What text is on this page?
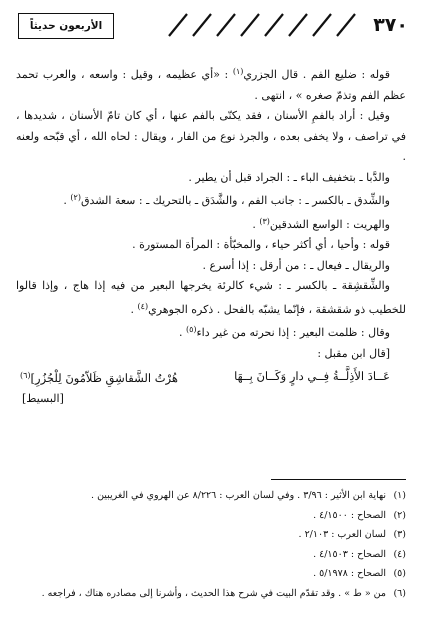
٣٧٠
الأربعون حديثاً

قوله : ضليع الفم . قال الجزري$^{(١)}$ : «أي عظيمه ، وقيل : واسعه ، والعرب تحمد عظم الفم وتذمّ صغره » ، انتهى .

وقيل : أراد بالفمِ الأسنان ، فقد يكنّى بالفم عنها ، أي كان تامّ الأسنان ، شديدها ، في تراصف ، ولا يخفى بعده ، والجرذ نوع من الفار ، ويقال : لحاه الله ، أي قبّحه ولعنه .

والدَّبا ـ بتخفيف الباء ـ : الجراد قبل أن يطير .

والشِّدق ـ بالكسر ـ : جانب الفم ، والشَّدَق ـ بالتحريك ـ : سعة الشدق$^{(٢)}$ .

والهريت : الواسع الشدقين$^{(٣)}$ .

قوله : وأحيا ، أي أكثر حياء ، والمخبّأة : المرأة المستورة .

والريقال ـ فيعال ـ : من أرقل : إذا أسرع .

والشِّقشِقة ـ بالكسر ـ : شيء كالرئة يخرجها البعير من فيه إذا هاج ، وإذا قالوا للخطيب ذو شقشقة ، فإنّما يشبّه بالفحل . ذكره الجوهري$^{(٤)}$ .

وقال : ظلمت البعير : إذا نحرته من غير داء$^{(٥)}$ .

[قال ابن مقبل :
عَــادَ الأَذِلَّــةُ فِــي دارٍ وَكَــانَ بِــهَا
هُرْتُ الشَّقاشِقِ ظَلاّمُونَ لِلْجُزُرِ]$^{(٦)}$
[البسيط]
(١)نهاية ابن الأثير : ٣/٩٦ . وفي لسان العرب : ٨/٢٢٦ عن الهروي في الغريبين .
(٢)الصحاح : ٤/١٥٠٠ .
(٣)لسان العرب : ٢/١٠٣ .
(٤)الصحاح : ٤/١٥٠٣ .
(٥)الصحاح : ٥/١٩٧٨ .
(٦)من « ط » . وقد تقدّم البيت في شرح هذا الحديث ، وأشرنا إلى مصادره هناك ، فراجعه .
